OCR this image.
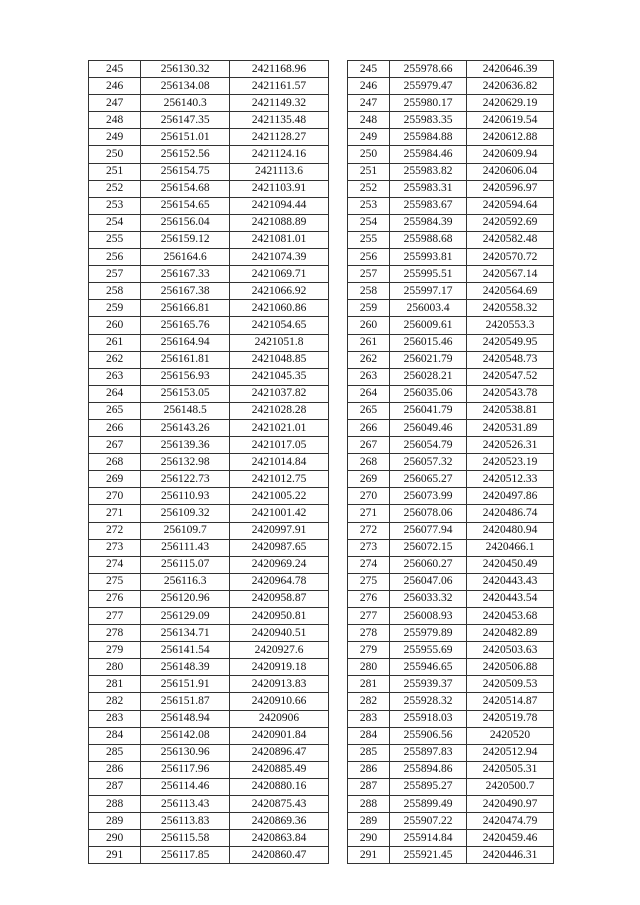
245	256130.32	2421168.96
246	256134.08	2421161.57
247	256140.3	2421149.32
248	256147.35	2421135.48
249	256151.01	2421128.27
250	256152.56	2421124.16
251	256154.75	2421113.6
252	256154.68	2421103.91
253	256154.65	2421094.44
254	256156.04	2421088.89
255	256159.12	2421081.01
256	256164.6	2421074.39
257	256167.33	2421069.71
258	256167.38	2421066.92
259	256166.81	2421060.86
260	256165.76	2421054.65
261	256164.94	2421051.8
262	256161.81	2421048.85
263	256156.93	2421045.35
264	256153.05	2421037.82
265	256148.5	2421028.28
266	256143.26	2421021.01
267	256139.36	2421017.05
268	256132.98	2421014.84
269	256122.73	2421012.75
270	256110.93	2421005.22
271	256109.32	2421001.42
272	256109.7	2420997.91
273	256111.43	2420987.65
274	256115.07	2420969.24
275	256116.3	2420964.78
276	256120.96	2420958.87
277	256129.09	2420950.81
278	256134.71	2420940.51
279	256141.54	2420927.6
280	256148.39	2420919.18
281	256151.91	2420913.83
282	256151.87	2420910.66
283	256148.94	2420906
284	256142.08	2420901.84
285	256130.96	2420896.47
286	256117.96	2420885.49
287	256114.46	2420880.16
288	256113.43	2420875.43
289	256113.83	2420869.36
290	256115.58	2420863.84
291	256117.85	2420860.47
245	255978.66	2420646.39
246	255979.47	2420636.82
247	255980.17	2420629.19
248	255983.35	2420619.54
249	255984.88	2420612.88
250	255984.46	2420609.94
251	255983.82	2420606.04
252	255983.31	2420596.97
253	255983.67	2420594.64
254	255984.39	2420592.69
255	255988.68	2420582.48
256	255993.81	2420570.72
257	255995.51	2420567.14
258	255997.17	2420564.69
259	256003.4	2420558.32
260	256009.61	2420553.3
261	256015.46	2420549.95
262	256021.79	2420548.73
263	256028.21	2420547.52
264	256035.06	2420543.78
265	256041.79	2420538.81
266	256049.46	2420531.89
267	256054.79	2420526.31
268	256057.32	2420523.19
269	256065.27	2420512.33
270	256073.99	2420497.86
271	256078.06	2420486.74
272	256077.94	2420480.94
273	256072.15	2420466.1
274	256060.27	2420450.49
275	256047.06	2420443.43
276	256033.32	2420443.54
277	256008.93	2420453.68
278	255979.89	2420482.89
279	255955.69	2420503.63
280	255946.65	2420506.88
281	255939.37	2420509.53
282	255928.32	2420514.87
283	255918.03	2420519.78
284	255906.56	2420520
285	255897.83	2420512.94
286	255894.86	2420505.31
287	255895.27	2420500.7
288	255899.49	2420490.97
289	255907.22	2420474.79
290	255914.84	2420459.46
291	255921.45	2420446.31
